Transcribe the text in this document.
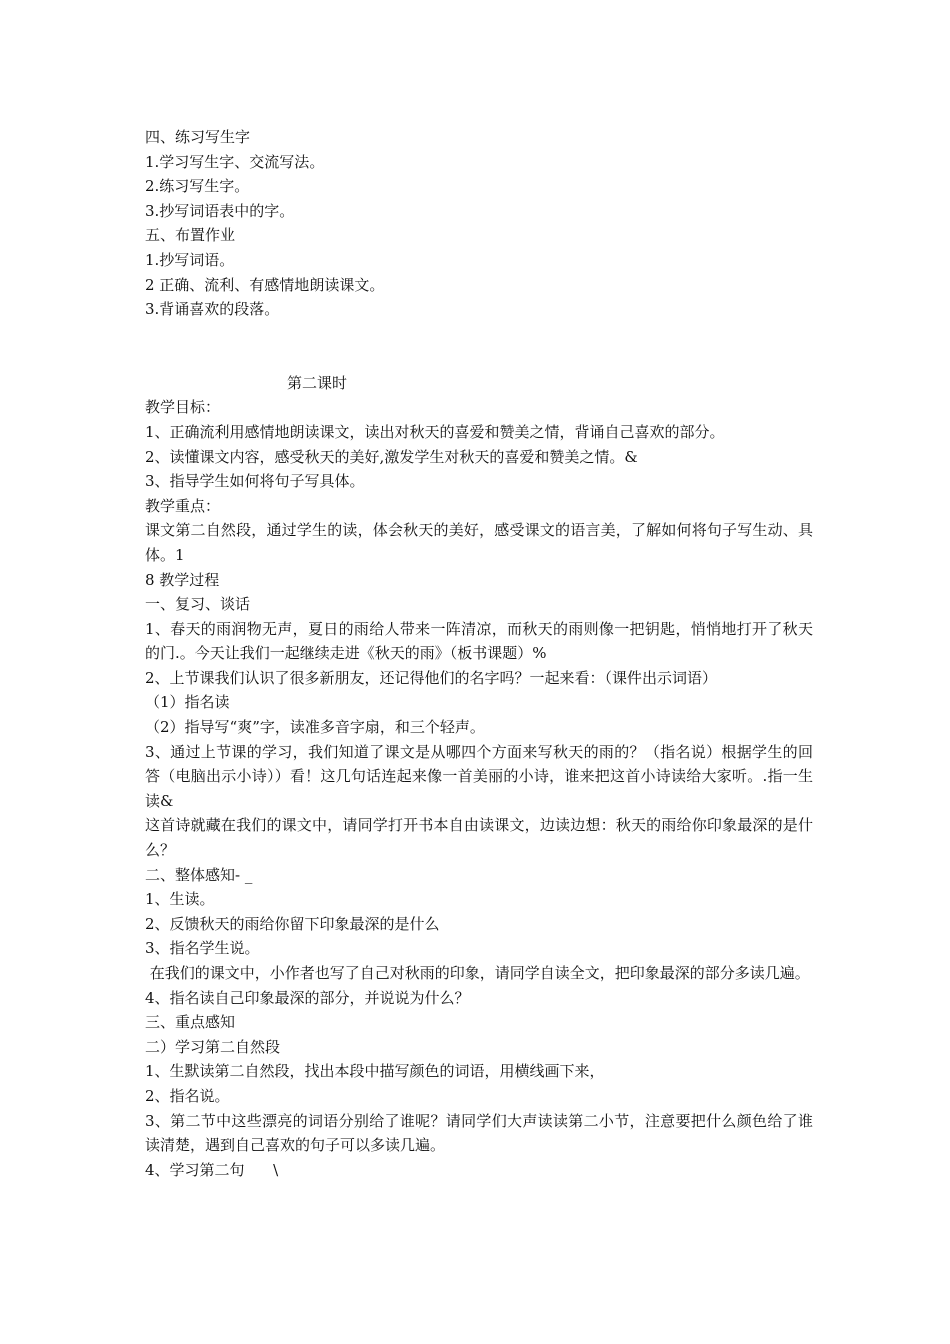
四、练习写生字
1.学习写生字、交流写法。
2.练习写生字。
3.抄写词语表中的字。
五、布置作业
1.抄写词语。
2 正确、流利、有感情地朗读课文。
3.背诵喜欢的段落。
第二课时
教学目标：
1、正确流利用感情地朗读课文，读出对秋天的喜爱和赞美之情，背诵自己喜欢的部分。
2、读懂课文内容，感受秋天的美好,激发学生对秋天的喜爱和赞美之情。&
3、指导学生如何将句子写具体。
教学重点：
课文第二自然段，通过学生的读，体会秋天的美好，感受课文的语言美，了解如何将句子写生动、具体。1
8 教学过程
一、复习、谈话
1、春天的雨润物无声，夏日的雨给人带来一阵清凉，而秋天的雨则像一把钥匙，悄悄地打开了秋天的门.。今天让我们一起继续走进《秋天的雨》（板书课题）%
2、上节课我们认识了很多新朋友，还记得他们的名字吗？一起来看：（课件出示词语）
（1）指名读
（2）指导写“爽”字，读准多音字扇，和三个轻声。
3、通过上节课的学习，我们知道了课文是从哪四个方面来写秋天的雨的？（指名说）根据学生的回答（电脑出示小诗））看！这几句话连起来像一首美丽的小诗，谁来把这首小诗读给大家听。.指一生读&
这首诗就藏在我们的课文中，请同学打开书本自由读课文，边读边想：秋天的雨给你印象最深的是什么？
二、整体感知- _
1、生读。
2、反馈秋天的雨给你留下印象最深的是什么
3、指名学生说。
在我们的课文中，小作者也写了自己对秋雨的印象，请同学自读全文，把印象最深的部分多读几遍。
4、指名读自己印象最深的部分，并说说为什么？
三、重点感知
二）学习第二自然段
1、生默读第二自然段，找出本段中描写颜色的词语，用横线画下来，
2、指名说。
3、第二节中这些漂亮的词语分别给了谁呢？请同学们大声读读第二小节，注意要把什么颜色给了谁读清楚，遇到自己喜欢的句子可以多读几遍。
4、学习第二句      \
